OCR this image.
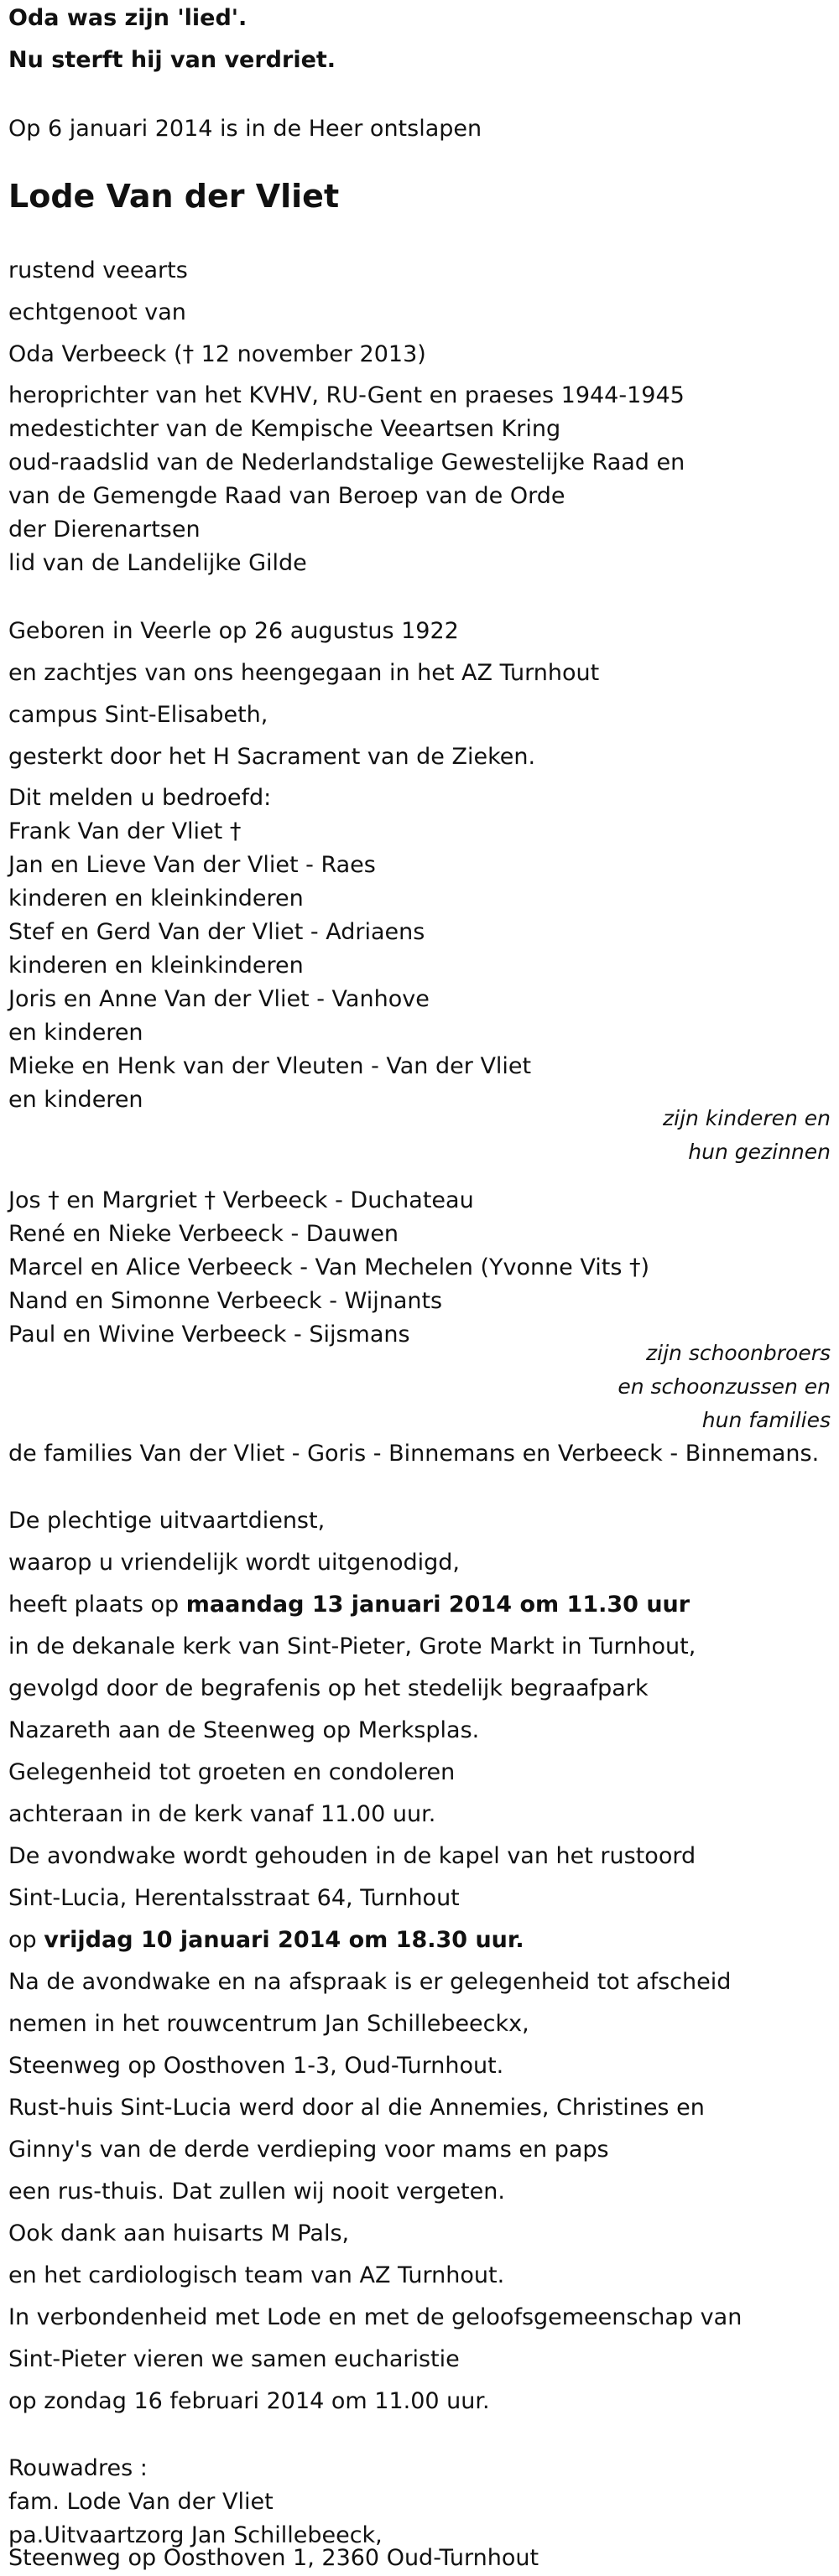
Oda was zijn 'lied'.
Nu sterft hij van verdriet.
Op 6 januari 2014 is in de Heer ontslapen
Lode Van der Vliet
rustend veearts
echtgenoot van
Oda Verbeeck († 12 november 2013)
heroprichter van het KVHV, RU-Gent en praeses 1944-1945
medestichter van de Kempische Veeartsen Kring
oud-raadslid van de Nederlandstalige Gewestelijke Raad en
van de Gemengde Raad van Beroep van de Orde
der Dierenartsen
lid van de Landelijke Gilde
Geboren in Veerle op 26 augustus 1922
en zachtjes van ons heengegaan in het AZ Turnhout
campus Sint-Elisabeth,
gesterkt door het H Sacrament van de Zieken.
Dit melden u bedroefd:
Frank Van der Vliet †
Jan en Lieve Van der Vliet - Raes
kinderen en kleinkinderen
Stef en Gerd Van der Vliet - Adriaens
kinderen en kleinkinderen
Joris en Anne Van der Vliet - Vanhove
en kinderen
Mieke en Henk van der Vleuten - Van der Vliet
en kinderen
zijn kinderen en
hun gezinnen
Jos † en Margriet † Verbeeck - Duchateau
René en Nieke Verbeeck - Dauwen
Marcel en Alice Verbeeck - Van Mechelen (Yvonne Vits †)
Nand en Simonne Verbeeck - Wijnants
Paul en Wivine Verbeeck - Sijsmans
zijn schoonbroers
en schoonzussen en
hun families
de families Van der Vliet - Goris - Binnemans en Verbeeck - Binnemans.
De plechtige uitvaartdienst,
waarop u vriendelijk wordt uitgenodigd,
heeft plaats op maandag 13 januari 2014 om 11.30 uur
in de dekanale kerk van Sint-Pieter, Grote Markt in Turnhout,
gevolgd door de begrafenis op het stedelijk begraafpark
Nazareth aan de Steenweg op Merksplas.
Gelegenheid tot groeten en condoleren
achteraan in de kerk vanaf 11.00 uur.
De avondwake wordt gehouden in de kapel van het rustoord
Sint-Lucia, Herentalsstraat 64, Turnhout
op vrijdag 10 januari 2014 om 18.30 uur.
Na de avondwake en na afspraak is er gelegenheid tot afscheid
nemen in het rouwcentrum Jan Schillebeeckx,
Steenweg op Oosthoven 1-3, Oud-Turnhout.
Rust-huis Sint-Lucia werd door al die Annemies, Christines en
Ginny's van de derde verdieping voor mams en paps
een rus-thuis. Dat zullen wij nooit vergeten.
Ook dank aan huisarts M Pals,
en het cardiologisch team van AZ Turnhout.
In verbondenheid met Lode en met de geloofsgemeenschap van
Sint-Pieter vieren we samen eucharistie
op zondag 16 februari 2014 om 11.00 uur.
Rouwadres :
fam. Lode Van der Vliet
pa.Uitvaartzorg Jan Schillebeeck,
Steenweg op Oosthoven 1, 2360 Oud-Turnhout
